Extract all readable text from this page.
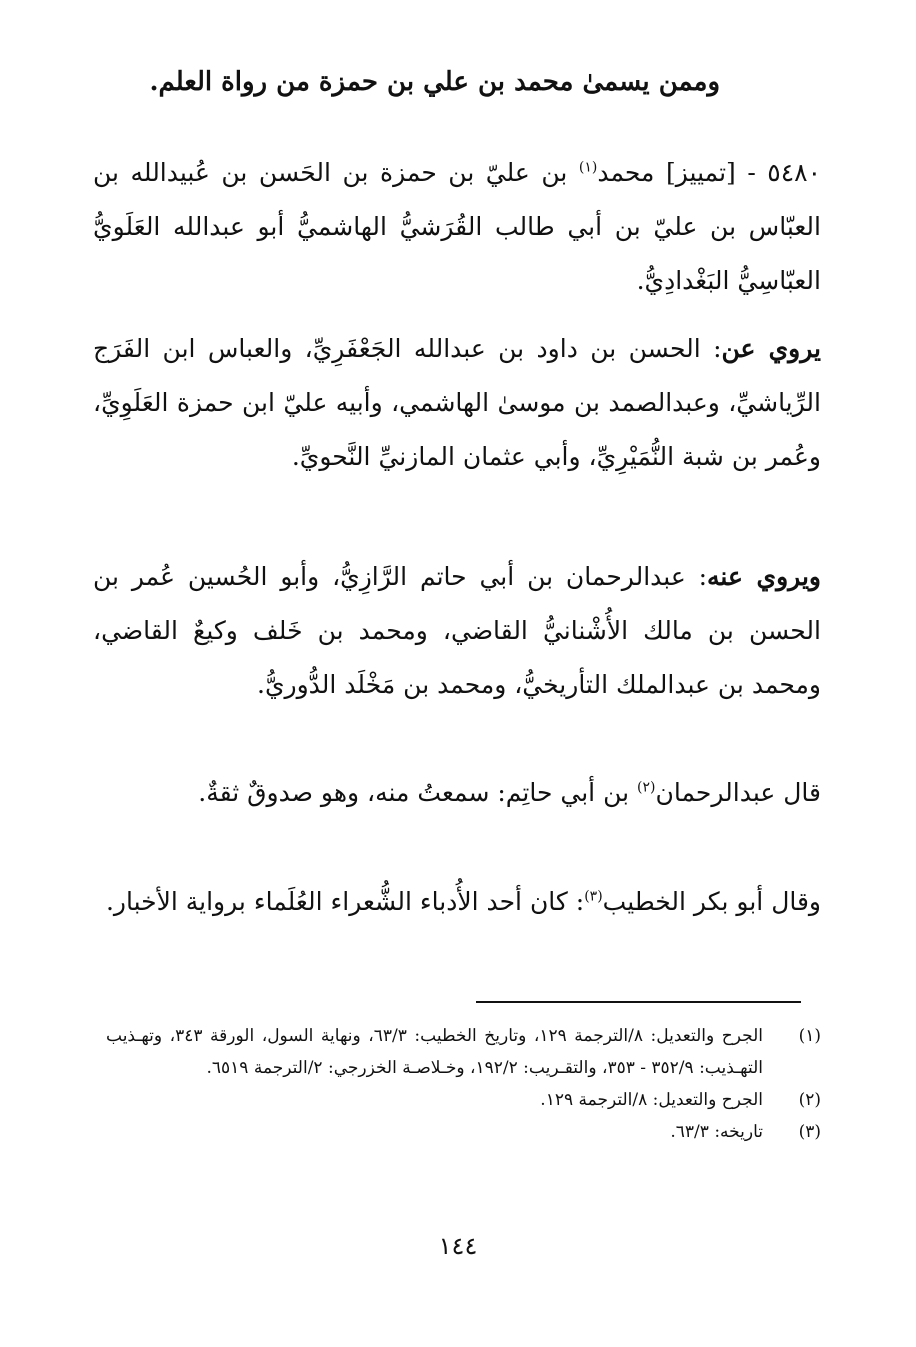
وممن يسمىٰ محمد بن علي بن حمزة من رواة العلم.
٥٤٨٠ - [تمييز] محمد$^{(١)}$ بن عليّ بن حمزة بن الحَسن بن عُبيدالله بن العبّاس بن عليّ بن أبي طالب القُرَشيُّ الهاشميُّ أبو عبدالله العَلَويُّ العبّاسِيُّ البَغْدادِيُّ.
يروي عن: الحسن بن داود بن عبدالله الجَعْفَرِيِّ، والعباس ابن الفَرَج الرِّياشيِّ، وعبدالصمد بن موسىٰ الهاشمي، وأبيه عليّ ابن حمزة العَلَوِيِّ، وعُمر بن شبة النُّمَيْرِيِّ، وأبي عثمان المازنيِّ النَّحويِّ.
ويروي عنه: عبدالرحمان بن أبي حاتم الرَّازِيُّ، وأبو الحُسين عُمر بن الحسن بن مالك الأُشْنانيُّ القاضي، ومحمد بن خَلف وكيعٌ القاضي، ومحمد بن عبدالملك التأريخيُّ، ومحمد بن مَخْلَد الدُّوريُّ.
قال عبدالرحمان$^{(٢)}$ بن أبي حاتِم: سمعتُ منه، وهو صدوقٌ ثقةٌ.
وقال أبو بكر الخطيب$^{(٣)}$: كان أحد الأُدباء الشُّعراء العُلَماء برواية الأخبار.
(١)
الجرح والتعديل: ٨/الترجمة ١٢٩، وتاريخ الخطيب: ٦٣/٣، ونهاية السول، الورقة ٣٤٣، وتهـذيب التهـذيب: ٣٥٢/٩ - ٣٥٣، والتقـريب: ١٩٢/٢، وخـلاصـة الخزرجي: ٢/الترجمة ٦٥١٩.
(٢)
الجرح والتعديل: ٨/الترجمة ١٢٩.
(٣)
تاريخه: ٦٣/٣.
١٤٤
